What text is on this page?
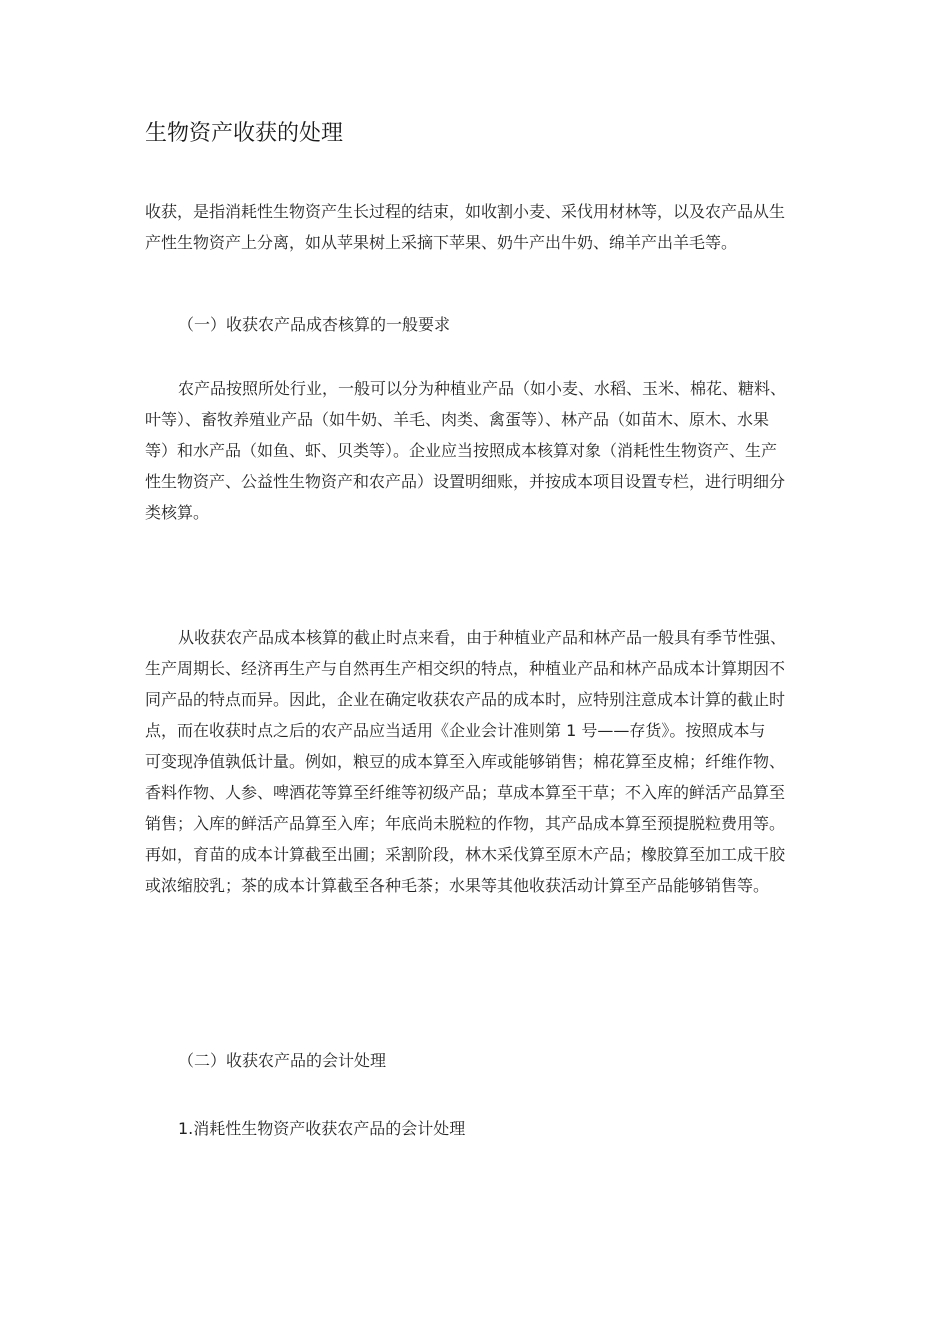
生物资产收获的处理
收获，是指消耗性生物资产生长过程的结束，如收割小麦、采伐用材林等，以及农产品从生
产性生物资产上分离，如从苹果树上采摘下苹果、奶牛产出牛奶、绵羊产出羊毛等。
（一）收获农产品成杏核算的一般要求
农产品按照所处行业，一般可以分为种植业产品（如小麦、水稻、玉米、棉花、糖料、
叶等）、畜牧养殖业产品（如牛奶、羊毛、肉类、禽蛋等）、林产品（如苗木、原木、水果
等）和水产品（如鱼、虾、贝类等）。企业应当按照成本核算对象（消耗性生物资产、生产
性生物资产、公益性生物资产和农产品）设置明细账，并按成本项目设置专栏，进行明细分
类核算。
从收获农产品成本核算的截止时点来看，由于种植业产品和林产品一般具有季节性强、
生产周期长、经济再生产与自然再生产相交织的特点，种植业产品和林产品成本计算期因不
同产品的特点而异。因此，企业在确定收获农产品的成本时，应特别注意成本计算的截止时
点，而在收获时点之后的农产品应当适用《企业会计准则第 1 号——存货》。按照成本与
可变现净值孰低计量。例如，粮豆的成本算至入库或能够销售；棉花算至皮棉；纤维作物、
香料作物、人参、啤酒花等算至纤维等初级产品；草成本算至干草；不入库的鲜活产品算至
销售；入库的鲜活产品算至入库；年底尚未脱粒的作物，其产品成本算至预提脱粒费用等。
再如，育苗的成本计算截至出圃；采割阶段，林木采伐算至原木产品；橡胶算至加工成干胶
或浓缩胶乳；茶的成本计算截至各种毛茶；水果等其他收获活动计算至产品能够销售等。
（二）收获农产品的会计处理
1.消耗性生物资产收获农产品的会计处理
